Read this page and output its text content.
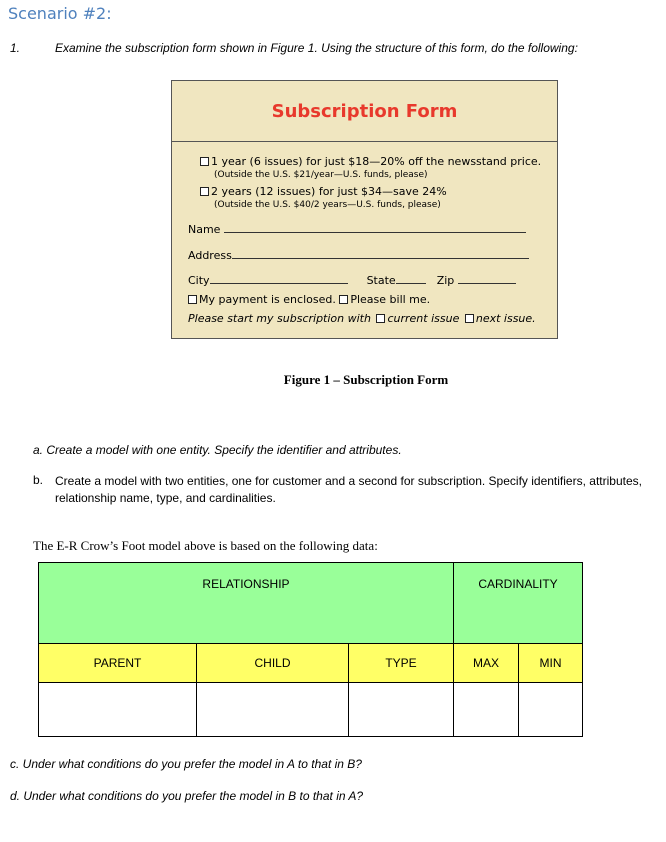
Scenario #2:
1.	Examine the subscription form shown in Figure 1. Using the structure of this form, do the following:
Subscription Form
1 year (6 issues) for just $18—20% off the newsstand price.
(Outside the U.S. $21/year—U.S. funds, please)
2 years (12 issues) for just $34—save 24%
(Outside the U.S. $40/2 years—U.S. funds, please)
Name
Address
City	State	Zip
My payment is enclosed. Please bill me.
Please start my subscription with current issue next issue.
Figure 1 – Subscription Form
a. Create a model with one entity. Specify the identifier and attributes.
b. Create a model with two entities, one for customer and a second for subscription. Specify identifiers, attributes, relationship name, type, and cardinalities.
The E-R Crow’s Foot model above is based on the following data:
RELATIONSHIP			CARDINALITY	
PARENT	CHILD	TYPE	MAX	MIN

c. Under what conditions do you prefer the model in A to that in B?
d. Under what conditions do you prefer the model in B to that in A?
